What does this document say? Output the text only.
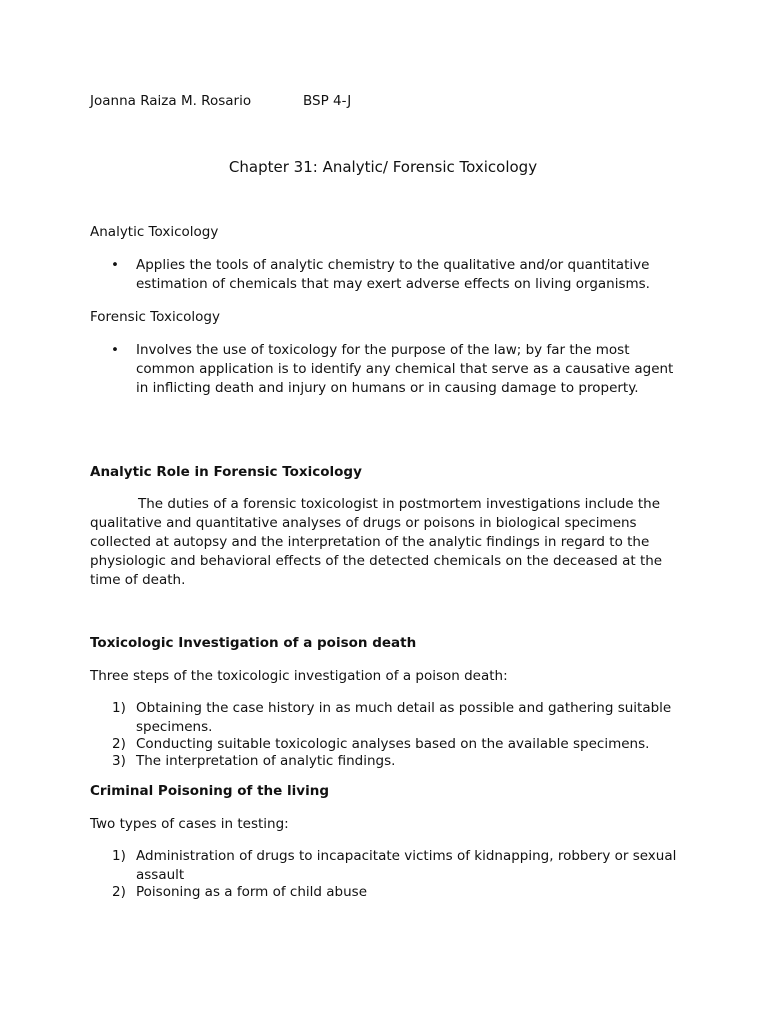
Joanna Raiza M. Rosario	BSP 4-J
Chapter 31: Analytic/ Forensic Toxicology

Analytic Toxicology

• Applies the tools of analytic chemistry to the qualitative and/or quantitative estimation of chemicals that may exert adverse effects on living organisms.

Forensic Toxicology

• Involves the use of toxicology for the purpose of the law; by far the most common application is to identify any chemical that serve as a causative agent in inflicting death and injury on humans or in causing damage to property.

Analytic Role in Forensic Toxicology

The duties of a forensic toxicologist in postmortem investigations include the qualitative and quantitative analyses of drugs or poisons in biological specimens collected at autopsy and the interpretation of the analytic findings in regard to the physiologic and behavioral effects of the detected chemicals on the deceased at the time of death.

Toxicologic Investigation of a poison death

Three steps of the toxicologic investigation of a poison death:

1) Obtaining the case history in as much detail as possible and gathering suitable specimens.
2) Conducting suitable toxicologic analyses based on the available specimens.
3) The interpretation of analytic findings.

Criminal Poisoning of the living

Two types of cases in testing:

1) Administration of drugs to incapacitate victims of kidnapping, robbery or sexual assault
2) Poisoning as a form of child abuse
